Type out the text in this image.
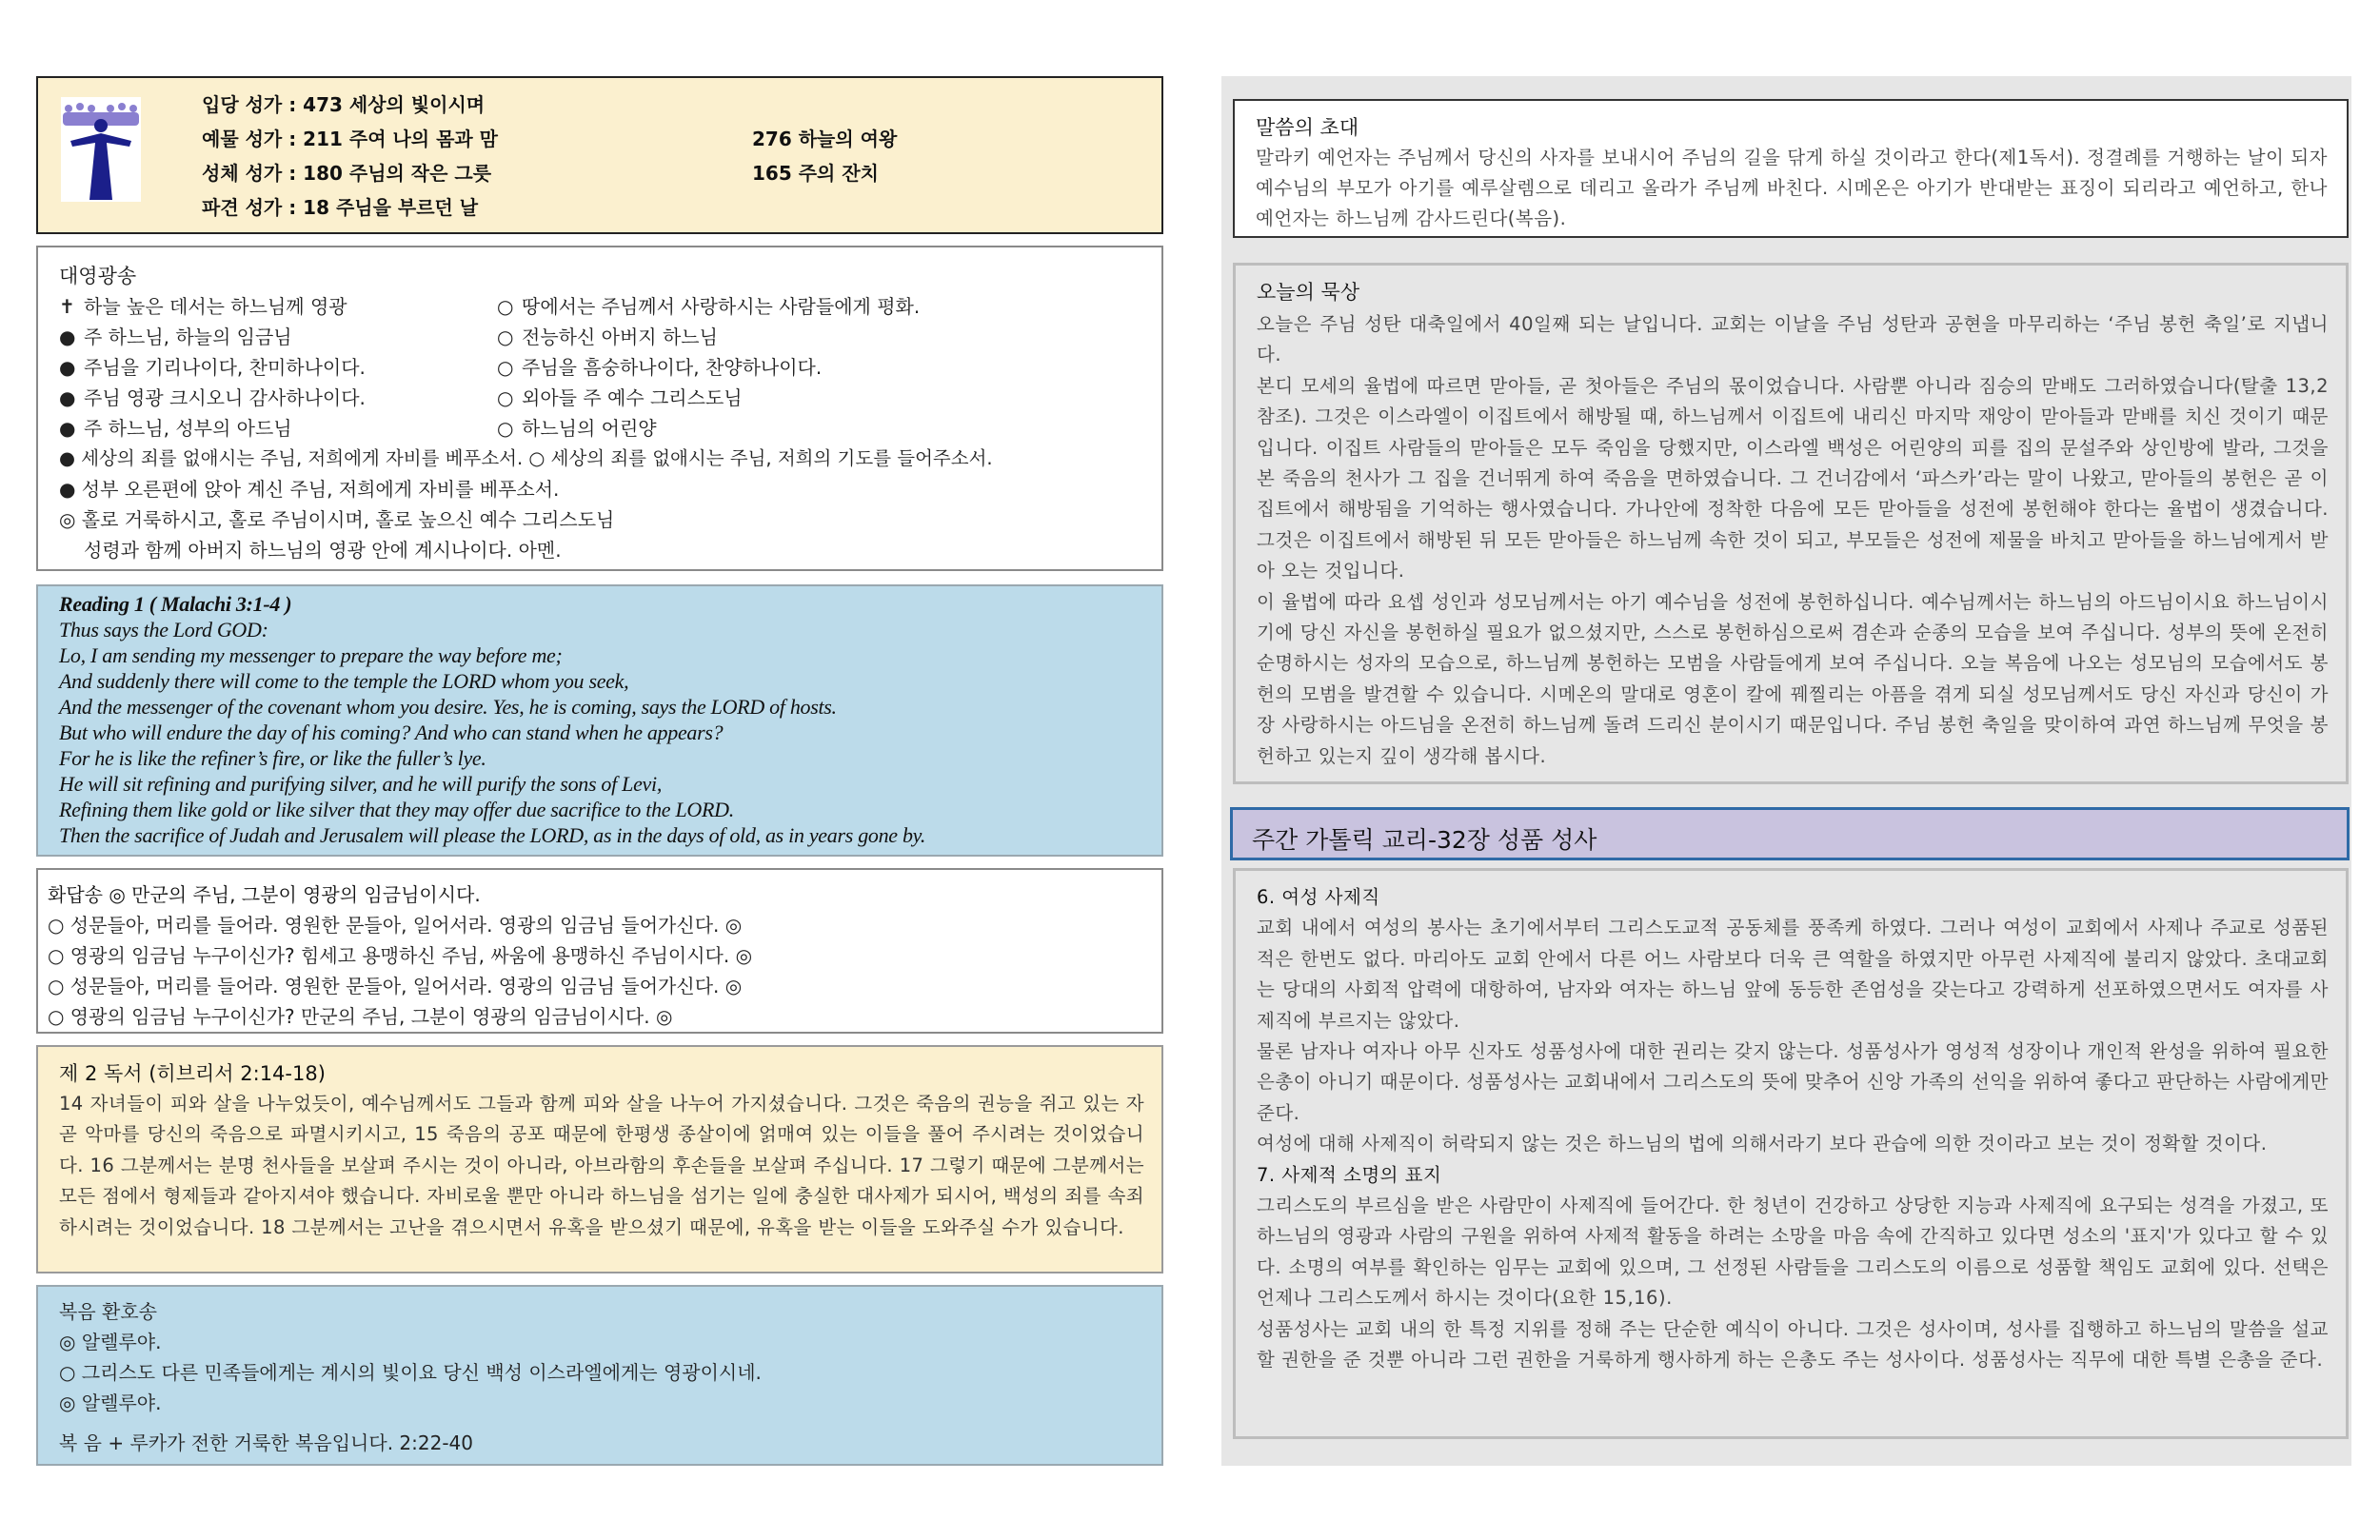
입당 성가 : 473 세상의 빛이시며
예물 성가 : 211 주여 나의 몸과 맘	276 하늘의 여왕
성체 성가 : 180 주님의 작은 그릇	165 주의 잔치
파견 성가 : 18 주님을 부르던 날
대영광송
✝ 하늘 높은 데서는 하느님께 영광	○ 땅에서는 주님께서 사랑하시는 사람들에게 평화.
● 주 하느님, 하늘의 임금님	○ 전능하신 아버지 하느님
● 주님을 기리나이다, 찬미하나이다.	○ 주님을 흠숭하나이다, 찬양하나이다.
● 주님 영광 크시오니 감사하나이다.	○ 외아들 주 예수 그리스도님
● 주 하느님, 성부의 아드님	○ 하느님의 어린양
● 세상의 죄를 없애시는 주님, 저희에게 자비를 베푸소서. ○ 세상의 죄를 없애시는 주님, 저희의 기도를 들어주소서.
● 성부 오른편에 앉아 계신 주님, 저희에게 자비를 베푸소서.
◎ 홀로 거룩하시고, 홀로 주님이시며, 홀로 높으신 예수 그리스도님
성령과 함께 아버지 하느님의 영광 안에 계시나이다. 아멘.
Reading 1 ( Malachi 3:1-4 )
Thus says the Lord GOD:
Lo, I am sending my messenger to prepare the way before me;
And suddenly there will come to the temple the LORD whom you seek,
And the messenger of the covenant whom you desire. Yes, he is coming, says the LORD of hosts.
But who will endure the day of his coming? And who can stand when he appears?
For he is like the refiner’s fire, or like the fuller’s lye.
He will sit refining and purifying silver, and he will purify the sons of Levi,
Refining them like gold or like silver that they may offer due sacrifice to the LORD.
Then the sacrifice of Judah and Jerusalem will please the LORD, as in the days of old, as in years gone by.
화답송 ◎ 만군의 주님, 그분이 영광의 임금님이시다.
○ 성문들아, 머리를 들어라. 영원한 문들아, 일어서라. 영광의 임금님 들어가신다. ◎
○ 영광의 임금님 누구이신가? 힘세고 용맹하신 주님, 싸움에 용맹하신 주님이시다. ◎
○ 성문들아, 머리를 들어라. 영원한 문들아, 일어서라. 영광의 임금님 들어가신다. ◎
○ 영광의 임금님 누구이신가? 만군의 주님, 그분이 영광의 임금님이시다. ◎
제 2 독서 (히브리서 2:14-18)

14 자녀들이 피와 살을 나누었듯이, 예수님께서도 그들과 함께 피와 살을 나누어 가지셨습니다. 그것은 죽음의 권능을 쥐고 있는 자 곧 악마를 당신의 죽음으로 파멸시키시고, 15 죽음의 공포 때문에 한평생 종살이에 얽매여 있는 이들을 풀어 주시려는 것이었습니다. 16 그분께서는 분명 천사들을 보살펴 주시는 것이 아니라, 아브라함의 후손들을 보살펴 주십니다. 17 그렇기 때문에 그분께서는 모든 점에서 형제들과 같아지셔야 했습니다. 자비로울 뿐만 아니라 하느님을 섬기는 일에 충실한 대사제가 되시어, 백성의 죄를 속죄하시려는 것이었습니다. 18 그분께서는 고난을 겪으시면서 유혹을 받으셨기 때문에, 유혹을 받는 이들을 도와주실 수가 있습니다.

복음 환호송
◎ 알렐루야.
○ 그리스도 다른 민족들에게는 계시의 빛이요 당신 백성 이스라엘에게는 영광이시네.
◎ 알렐루야.
복 음 + 루카가 전한 거룩한 복음입니다. 2:22-40
말씀의 초대

말라키 예언자는 주님께서 당신의 사자를 보내시어 주님의 길을 닦게 하실 것이라고 한다(제1독서). 정결례를 거행하는 날이 되자 예수님의 부모가 아기를 예루살렘으로 데리고 올라가 주님께 바친다. 시메온은 아기가 반대받는 표징이 되리라고 예언하고, 한나 예언자는 하느님께 감사드린다(복음).

오늘의 묵상

오늘은 주님 성탄 대축일에서 40일째 되는 날입니다. 교회는 이날을 주님 성탄과 공현을 마무리하는 ‘주님 봉헌 축일’로 지냅니다.

본디 모세의 율법에 따르면 맏아들, 곧 첫아들은 주님의 몫이었습니다. 사람뿐 아니라 짐승의 맏배도 그러하였습니다(탈출 13,2 참조). 그것은 이스라엘이 이집트에서 해방될 때, 하느님께서 이집트에 내리신 마지막 재앙이 맏아들과 맏배를 치신 것이기 때문입니다. 이집트 사람들의 맏아들은 모두 죽임을 당했지만, 이스라엘 백성은 어린양의 피를 집의 문설주와 상인방에 발라, 그것을 본 죽음의 천사가 그 집을 건너뛰게 하여 죽음을 면하였습니다. 그 건너감에서 ‘파스카’라는 말이 나왔고, 맏아들의 봉헌은 곧 이집트에서 해방됨을 기억하는 행사였습니다. 가나안에 정착한 다음에 모든 맏아들을 성전에 봉헌해야 한다는 율법이 생겼습니다. 그것은 이집트에서 해방된 뒤 모든 맏아들은 하느님께 속한 것이 되고, 부모들은 성전에 제물을 바치고 맏아들을 하느님에게서 받아 오는 것입니다.

이 율법에 따라 요셉 성인과 성모님께서는 아기 예수님을 성전에 봉헌하십니다. 예수님께서는 하느님의 아드님이시요 하느님이시기에 당신 자신을 봉헌하실 필요가 없으셨지만, 스스로 봉헌하심으로써 겸손과 순종의 모습을 보여 주십니다. 성부의 뜻에 온전히 순명하시는 성자의 모습으로, 하느님께 봉헌하는 모범을 사람들에게 보여 주십니다. 오늘 복음에 나오는 성모님의 모습에서도 봉헌의 모범을 발견할 수 있습니다. 시메온의 말대로 영혼이 칼에 꿰찔리는 아픔을 겪게 되실 성모님께서도 당신 자신과 당신이 가장 사랑하시는 아드님을 온전히 하느님께 돌려 드리신 분이시기 때문입니다. 주님 봉헌 축일을 맞이하여 과연 하느님께 무엇을 봉헌하고 있는지 깊이 생각해 봅시다.

주간 가톨릭 교리-32장 성품 성사

6. 여성 사제직

교회 내에서 여성의 봉사는 초기에서부터 그리스도교적 공동체를 풍족케 하였다. 그러나 여성이 교회에서 사제나 주교로 성품된 적은 한번도 없다. 마리아도 교회 안에서 다른 어느 사람보다 더욱 큰 역할을 하였지만 아무런 사제직에 불리지 않았다. 초대교회는 당대의 사회적 압력에 대항하여, 남자와 여자는 하느님 앞에 동등한 존엄성을 갖는다고 강력하게 선포하였으면서도 여자를 사제직에 부르지는 않았다.

물론 남자나 여자나 아무 신자도 성품성사에 대한 권리는 갖지 않는다. 성품성사가 영성적 성장이나 개인적 완성을 위하여 필요한 은총이 아니기 때문이다. 성품성사는 교회내에서 그리스도의 뜻에 맞추어 신앙 가족의 선익을 위하여 좋다고 판단하는 사람에게만 준다.

여성에 대해 사제직이 허락되지 않는 것은 하느님의 법에 의해서라기 보다 관습에 의한 것이라고 보는 것이 정확할 것이다.

7. 사제적 소명의 표지

그리스도의 부르심을 받은 사람만이 사제직에 들어간다. 한 청년이 건강하고 상당한 지능과 사제직에 요구되는 성격을 가졌고, 또 하느님의 영광과 사람의 구원을 위하여 사제적 활동을 하려는 소망을 마음 속에 간직하고 있다면 성소의 '표지'가 있다고 할 수 있다. 소명의 여부를 확인하는 임무는 교회에 있으며, 그 선정된 사람들을 그리스도의 이름으로 성품할 책임도 교회에 있다. 선택은 언제나 그리스도께서 하시는 것이다(요한 15,16).

성품성사는 교회 내의 한 특정 지위를 정해 주는 단순한 예식이 아니다. 그것은 성사이며, 성사를 집행하고 하느님의 말씀을 설교할 권한을 준 것뿐 아니라 그런 권한을 거룩하게 행사하게 하는 은총도 주는 성사이다. 성품성사는 직무에 대한 특별 은총을 준다.
